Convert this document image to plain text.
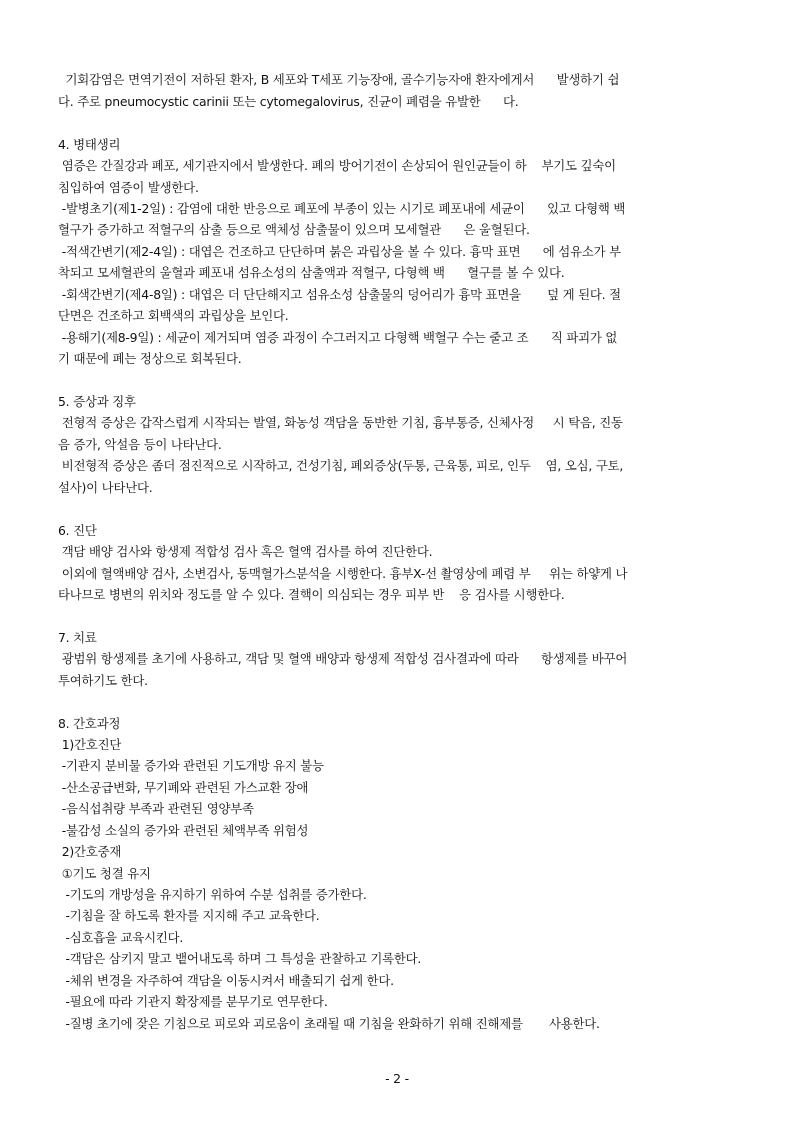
기회감염은 면역기전이 저하된 환자, B 세포와 T세포 기능장애, 골수기능자애 환자에게서      발생하기 쉽
다. 주로 pneumocystic carinii 또는 cytomegalovirus, 진균이 폐렴을 유발한      다.
4. 병태생리
염증은 간질강과 폐포, 세기관지에서 발생한다. 폐의 방어기전이 손상되어 원인균들이 하    부기도 깊숙이
침입하여 염증이 발생한다.
-발병초기(제1-2일) : 감염에 대한 반응으로 폐포에 부종이 있는 시기로 폐포내에 세균이      있고 다형핵 백
혈구가 증가하고 적혈구의 삼출 등으로 액체성 삼출물이 있으며 모세혈관      은 울혈된다.
-적색간변기(제2-4일) : 대엽은 건조하고 단단하며 붉은 과립상을 볼 수 있다. 흉막 표면      에 섬유소가 부
착되고 모세혈관의 울혈과 폐포내 섬유소성의 삼출액과 적혈구, 다형핵 백      혈구를 볼 수 있다.
-회색간변기(제4-8일) : 대엽은 더 단단해지고 섬유소성 삼출물의 덩어리가 흉막 표면을       덮 게 된다. 절
단면은 건조하고 회백색의 과립상을 보인다.
-용해기(제8-9일) : 세균이 제거되며 염증 과정이 수그러지고 다형핵 백혈구 수는 줄고 조      직 파괴가 없
기 때문에 폐는 정상으로 회복된다.
5. 증상과 징후
전형적 증상은 갑작스럽게 시작되는 발열, 화농성 객담을 동반한 기침, 흉부통증, 신체사정     시 탁음, 진동
음 증가, 악설음 등이 나타난다.
비전형적 증상은 좀더 점진적으로 시작하고, 건성기침, 폐외증상(두통, 근육통, 피로, 인두    염, 오심, 구토,
설사)이 나타난다.
6. 진단
객담 배양 검사와 항생제 적합성 검사 혹은 혈액 검사를 하여 진단한다.
이외에 혈액배양 검사, 소변검사, 동맥혈가스분석을 시행한다. 흉부X-선 촬영상에 폐렴 부     위는 하얗게 나
타나므로 병변의 위치와 정도를 알 수 있다. 결핵이 의심되는 경우 피부 반    응 검사를 시행한다.
7. 치료
광범위 항생제를 초기에 사용하고, 객담 및 혈액 배양과 항생제 적합성 검사결과에 따라      항생제를 바꾸어
투여하기도 한다.
8. 간호과정
1)간호진단
-기관지 분비물 증가와 관련된 기도개방 유지 불능
-산소공급변화, 무기폐와 관련된 가스교환 장애
-음식섭취량 부족과 관련된 영양부족
-불감성 소실의 증가와 관련된 체액부족 위험성
2)간호중재
①기도 청결 유지
-기도의 개방성을 유지하기 위하여 수분 섭취를 증가한다.
-기침을 잘 하도록 환자를 지지해 주고 교육한다.
-심호흡을 교육시킨다.
-객담은 삼키지 말고 뱉어내도록 하며 그 특성을 관찰하고 기록한다.
-체위 변경을 자주하여 객담을 이동시켜서 배출되기 쉽게 한다.
-필요에 따라 기관지 확장제를 분무기로 연무한다.
-질병 초기에 잦은 기침으로 피로와 괴로움이 초래될 때 기침을 완화하기 위해 진해제를       사용한다.
- 2 -
